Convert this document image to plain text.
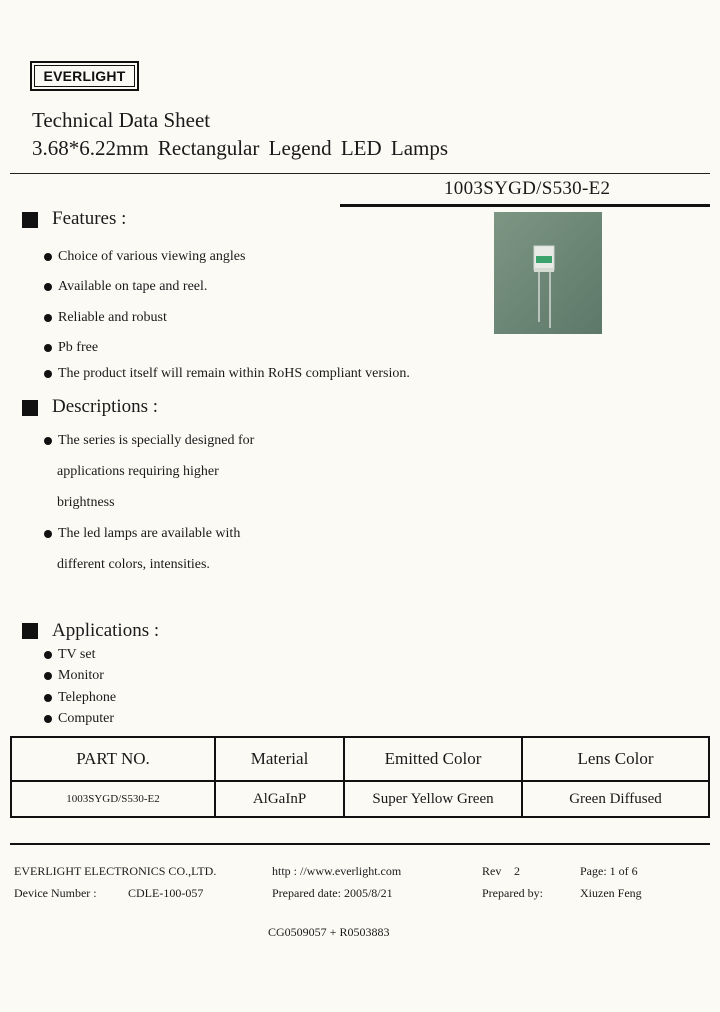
EVERLIGHT
Technical Data Sheet
3.68*6.22mm Rectangular Legend LED Lamps
1003SYGD/S530-E2
Features :
Choice of various viewing angles
Available on tape and reel.
Reliable and robust
Pb free
The product itself will remain within RoHS compliant version.
Descriptions :
The series is specially designed for
applications requiring higher
brightness
The led lamps are available with
different colors, intensities.
Applications :
TV set
Monitor
Telephone
Computer
PART NO.	Material	Emitted Color	Lens Color
1003SYGD/S530-E2	AlGaInP	Super Yellow Green	Green Diffused
EVERLIGHT ELECTRONICS CO.,LTD.	http : //www.everlight.com	Rev 2	Page: 1 of 6
Device Number :	CDLE-100-057	Prepared date: 2005/8/21	Prepared by:	Xiuzen Feng
CG0509057 + R0503883
